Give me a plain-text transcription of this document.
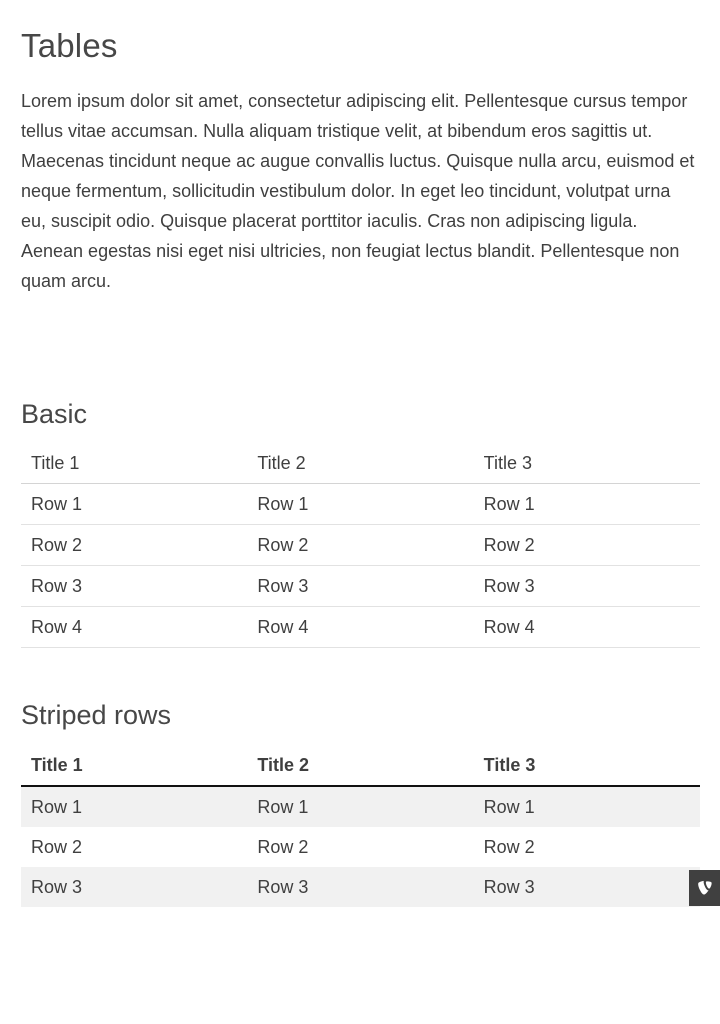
Tables

Lorem ipsum dolor sit amet, consectetur adipiscing elit. Pellentesque cursus tempor tellus vitae accumsan. Nulla aliquam tristique velit, at bibendum eros sagittis ut. Maecenas tincidunt neque ac augue convallis luctus. Quisque nulla arcu, euismod et neque fermentum, sollicitudin vestibulum dolor. In eget leo tincidunt, volutpat urna eu, suscipit odio. Quisque placerat porttitor iaculis. Cras non adipiscing ligula. Aenean egestas nisi eget nisi ultricies, non feugiat lectus blandit. Pellentesque non quam arcu.

Basic
Title 1	Title 2	Title 3
Row 1	Row 1	Row 1
Row 2	Row 2	Row 2
Row 3	Row 3	Row 3
Row 4	Row 4	Row 4
Striped rows
Title 1	Title 2	Title 3
Row 1	Row 1	Row 1
Row 2	Row 2	Row 2
Row 3	Row 3	Row 3
